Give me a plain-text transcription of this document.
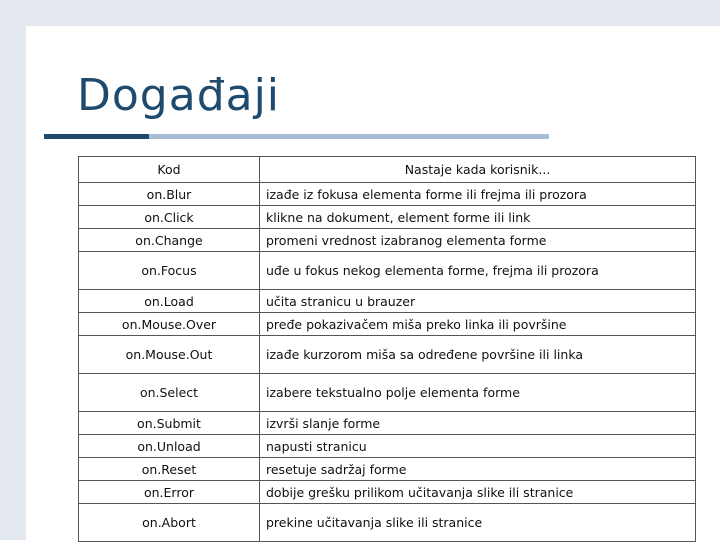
Događaji
Kod	Nastaje kada korisnik...
on.Blur	izađe iz fokusa elementa forme ili frejma ili prozora
on.Click	klikne na dokument, element forme ili link
on.Change	promeni vrednost izabranog elementa forme
on.Focus	uđe u fokus nekog elementa forme, frejma ili prozora
on.Load	učita stranicu u brauzer
on.Mouse.Over	pređe pokazivačem miša preko linka ili površine
on.Mouse.Out	izađe kurzorom miša sa određene površine ili linka
on.Select	izabere tekstualno polje elementa forme
on.Submit	izvrši slanje forme
on.Unload	napusti stranicu
on.Reset	resetuje sadržaj forme
on.Error	dobije grešku prilikom učitavanja slike ili stranice
on.Abort	prekine učitavanja slike ili stranice
